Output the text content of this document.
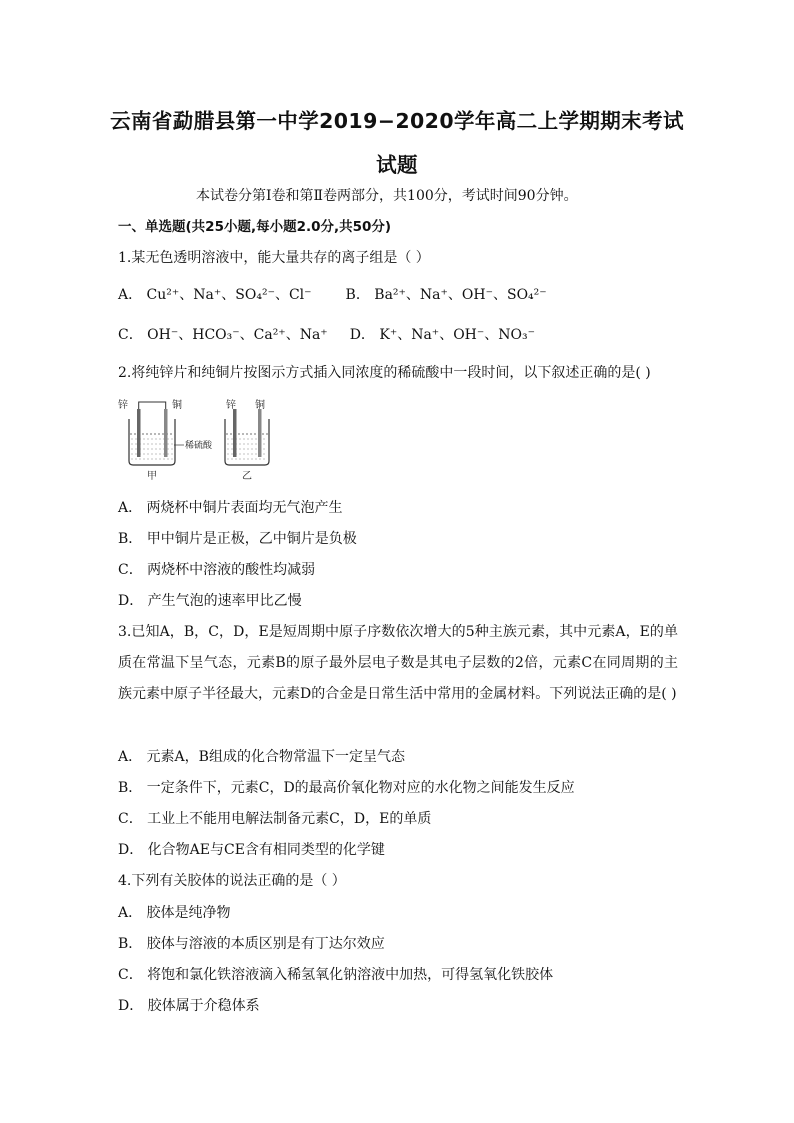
云南省勐腊县第一中学2019−2020学年高二上学期期末考试
试题
本试卷分第Ⅰ卷和第Ⅱ卷两部分，共100分，考试时间90分钟。
一、单选题(共25小题,每小题2.0分,共50分)
1.某无色透明溶液中，能大量共存的离子组是（ ）
A． Cu²⁺、Na⁺、SO₄²⁻、Cl⁻ B． Ba²⁺、Na⁺、OH⁻、SO₄²⁻
C． OH⁻、HCO₃⁻、Ca²⁺、Na⁺ D． K⁺、Na⁺、OH⁻、NO₃⁻
2.将纯锌片和纯铜片按图示方式插入同浓度的稀硫酸中一段时间，以下叙述正确的是( )
锌	铜
甲
稀硫酸
锌 铜
乙
A． 两烧杯中铜片表面均无气泡产生
B． 甲中铜片是正极，乙中铜片是负极
C． 两烧杯中溶液的酸性均减弱
D． 产生气泡的速率甲比乙慢
3.已知A，B，C，D，E是短周期中原子序数依次增大的5种主族元素，其中元素A，E的单质在常温下呈气态，元素B的原子最外层电子数是其电子层数的2倍，元素C在同周期的主族元素中原子半径最大，元素D的合金是日常生活中常用的金属材料。下列说法正确的是( )
A． 元素A，B组成的化合物常温下一定呈气态
B． 一定条件下，元素C，D的最高价氧化物对应的水化物之间能发生反应
C． 工业上不能用电解法制备元素C，D，E的单质
D． 化合物AE与CE含有相同类型的化学键
4.下列有关胶体的说法正确的是（ ）
A． 胶体是纯净物
B． 胶体与溶液的本质区别是有丁达尔效应
C． 将饱和氯化铁溶液滴入稀氢氧化钠溶液中加热，可得氢氧化铁胶体
D． 胶体属于介稳体系
